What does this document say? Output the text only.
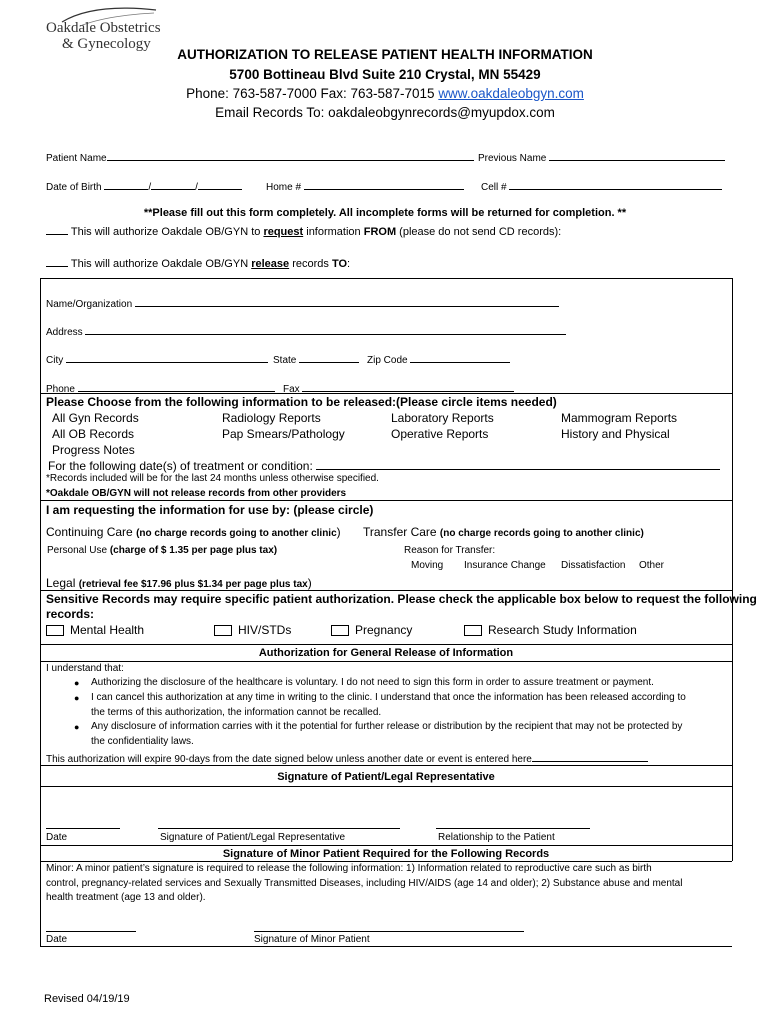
Oakdale Obstetrics
& Gynecology
AUTHORIZATION TO RELEASE PATIENT HEALTH INFORMATION
5700 Bottineau Blvd Suite 210 Crystal, MN 55429
Phone: 763-587-7000 Fax: 763-587-7015 www.oakdaleobgyn.com
Email Records To: oakdaleobgynrecords@myupdox.com
Patient Name	Previous Name
Date of Birth	/	/	Home #	Cell #
**Please fill out this form completely. All incomplete forms will be returned for completion. **
This will authorize Oakdale OB/GYN to request information FROM (please do not send CD records):
This will authorize Oakdale OB/GYN release records TO:
Name/Organization
Address
City	State	Zip Code
Phone	Fax
Please Choose from the following information to be released:(Please circle items needed)
All Gyn Records	Radiology Reports	Laboratory Reports	Mammogram Reports
All OB Records	Pap Smears/Pathology	Operative Reports	History and Physical
Progress Notes
For the following date(s) of treatment or condition:
*Records included will be for the last 24 months unless otherwise specified.
*Oakdale OB/GYN will not release records from other providers
I am requesting the information for use by: (please circle)
Continuing Care (no charge records going to another clinic) Transfer Care (no charge records going to another clinic)
Personal Use (charge of $ 1.35 per page plus tax)	Reason for Transfer:
Moving Insurance Change Dissatisfaction Other
Legal (retrieval fee $17.96 plus $1.34 per page plus tax)
Sensitive Records may require specific patient authorization. Please check the applicable box below to request the following
records:
Mental Health	HIV/STDs	Pregnancy	Research Study Information
Authorization for General Release of Information
I understand that:
● Authorizing the disclosure of the healthcare is voluntary. I do not need to sign this form in order to assure treatment or payment.
● I can cancel this authorization at any time in writing to the clinic. I understand that once the information has been released according to
the terms of this authorization, the information cannot be recalled.
● Any disclosure of information carries with it the potential for further release or distribution by the recipient that may not be protected by
the confidentiality laws.
This authorization will expire 90-days from the date signed below unless another date or event is entered here
Signature of Patient/Legal Representative
Date	Signature of Patient/Legal Representative	Relationship to the Patient
Signature of Minor Patient Required for the Following Records
Minor: A minor patient’s signature is required to release the following information: 1) Information related to reproductive care such as birth
control, pregnancy-related services and Sexually Transmitted Diseases, including HIV/AIDS (age 14 and older); 2) Substance abuse and mental
health treatment (age 13 and older).
Date	Signature of Minor Patient
Revised 04/19/19
